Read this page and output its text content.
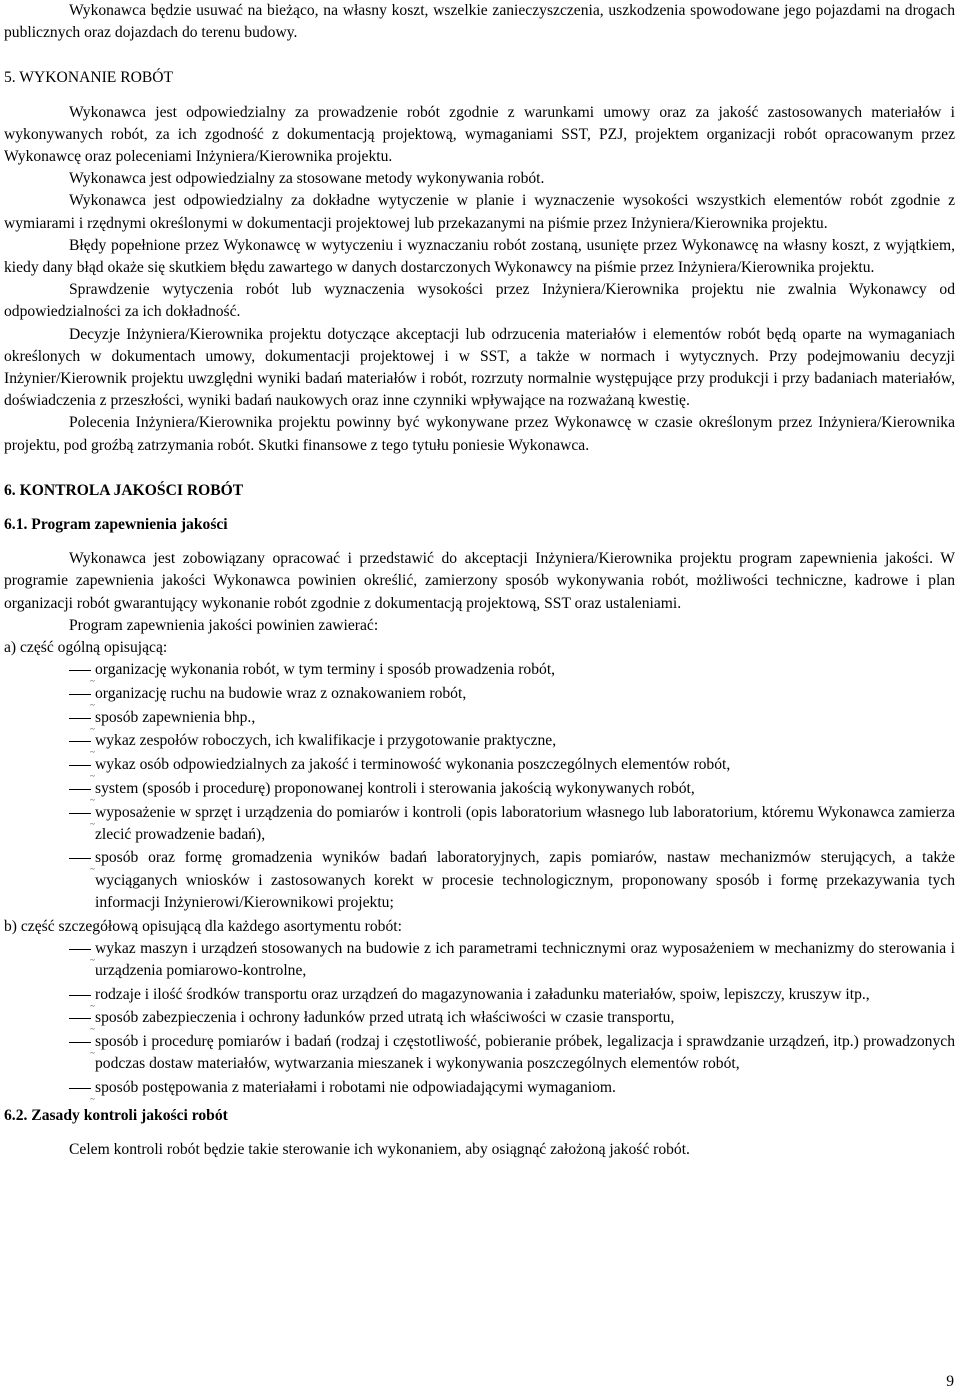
Wykonawca będzie usuwać na bieżąco, na własny koszt, wszelkie zanieczyszczenia, uszkodzenia spowodowane jego pojazdami na drogach publicznych oraz dojazdach do terenu budowy.

5. WYKONANIE ROBÓT

Wykonawca jest odpowiedzialny za prowadzenie robót zgodnie z warunkami umowy oraz za jakość zastosowanych materiałów i wykonywanych robót, za ich zgodność z dokumentacją projektową, wymaganiami SST, PZJ, projektem organizacji robót opracowanym przez Wykonawcę oraz poleceniami Inżyniera/Kierownika projektu.

Wykonawca jest odpowiedzialny za stosowane metody wykonywania robót.

Wykonawca jest odpowiedzialny za dokładne wytyczenie w planie i wyznaczenie wysokości wszystkich elementów robót zgodnie z wymiarami i rzędnymi określonymi w dokumentacji projektowej lub przekazanymi na piśmie przez Inżyniera/Kierownika projektu.

Błędy popełnione przez Wykonawcę w wytyczeniu i wyznaczaniu robót zostaną, usunięte przez Wykonawcę na własny koszt, z wyjątkiem, kiedy dany błąd okaże się skutkiem błędu zawartego w danych dostarczonych Wykonawcy na piśmie przez Inżyniera/Kierownika projektu.

Sprawdzenie wytyczenia robót lub wyznaczenia wysokości przez Inżyniera/Kierownika projektu nie zwalnia Wykonawcy od odpowiedzialności za ich dokładność.

Decyzje Inżyniera/Kierownika projektu dotyczące akceptacji lub odrzucenia materiałów i elementów robót będą oparte na wymaganiach określonych w dokumentach umowy, dokumentacji projektowej i w SST, a także w normach i wytycznych. Przy podejmowaniu decyzji Inżynier/Kierownik projektu uwzględni wyniki badań materiałów i robót, rozrzuty normalnie występujące przy produkcji i przy badaniach materiałów, doświadczenia z przeszłości, wyniki badań naukowych oraz inne czynniki wpływające na rozważaną kwestię.

Polecenia Inżyniera/Kierownika projektu powinny być wykonywane przez Wykonawcę w czasie określonym przez Inżyniera/Kierownika projektu, pod groźbą zatrzymania robót. Skutki finansowe z tego tytułu poniesie Wykonawca.

6. KONTROLA JAKOŚCI ROBÓT

6.1. Program zapewnienia jakości

Wykonawca jest zobowiązany opracować i przedstawić do akceptacji Inżyniera/Kierownika projektu program zapewnienia jakości. W programie zapewnienia jakości Wykonawca powinien określić, zamierzony sposób wykonywania robót, możliwości techniczne, kadrowe i plan organizacji robót gwarantujący wykonanie robót zgodnie z dokumentacją projektową, SST oraz ustaleniami.

Program zapewnienia jakości powinien zawierać:

a) część ogólną opisującą:

~
organizację wykonania robót, w tym terminy i sposób prowadzenia robót,
~
organizację ruchu na budowie wraz z oznakowaniem robót,
~
sposób zapewnienia bhp.,
~
wykaz zespołów roboczych, ich kwalifikacje i przygotowanie praktyczne,
~
wykaz osób odpowiedzialnych za jakość i terminowość wykonania poszczególnych elementów robót,
~
system (sposób i procedurę) proponowanej kontroli i sterowania jakością wykonywanych robót,
~
wyposażenie w sprzęt i urządzenia do pomiarów i kontroli (opis laboratorium własnego lub laboratorium, któremu Wykonawca zamierza zlecić prowadzenie badań),
~
sposób oraz formę gromadzenia wyników badań laboratoryjnych, zapis pomiarów, nastaw mechanizmów sterujących, a także wyciąganych wniosków i zastosowanych korekt w procesie technologicznym, proponowany sposób i formę przekazywania tych informacji Inżynierowi/Kierownikowi projektu;

b) część szczegółową opisującą dla każdego asortymentu robót:

~
wykaz maszyn i urządzeń stosowanych na budowie z ich parametrami technicznymi oraz wyposażeniem w mechanizmy do sterowania i urządzenia pomiarowo-kontrolne,
~
rodzaje i ilość środków transportu oraz urządzeń do magazynowania i załadunku materiałów, spoiw, lepiszczy, kruszyw itp.,
~
sposób zabezpieczenia i ochrony ładunków przed utratą ich właściwości w czasie transportu,
~
sposób i procedurę pomiarów i badań (rodzaj i częstotliwość, pobieranie próbek, legalizacja i sprawdzanie urządzeń, itp.) prowadzonych podczas dostaw materiałów, wytwarzania mieszanek i wykonywania poszczególnych elementów robót,
~
sposób postępowania z materiałami i robotami nie odpowiadającymi wymaganiom.

6.2. Zasady kontroli jakości robót

Celem kontroli robót będzie takie sterowanie ich wykonaniem, aby osiągnąć założoną jakość robót.

9
